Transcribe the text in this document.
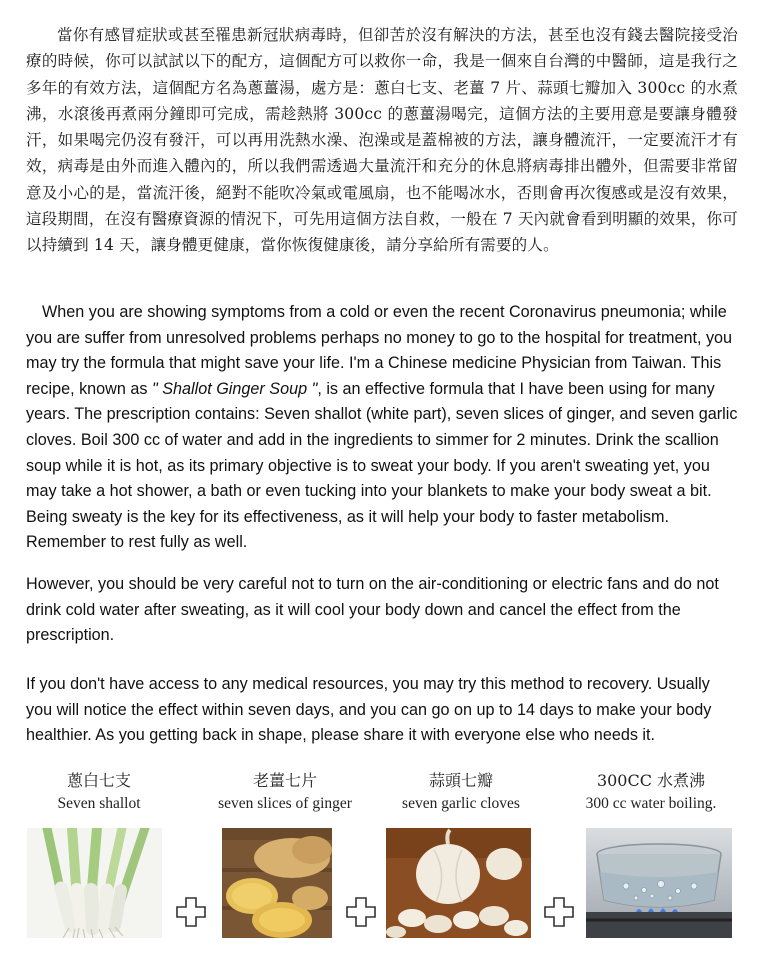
當你有感冒症狀或甚至罹患新冠狀病毒時，但卻苦於沒有解決的方法，甚至也沒有錢去醫院接受治療的時候，你可以試試以下的配方，這個配方可以救你一命，我是一個來自台灣的中醫師，這是我行之多年的有效方法，這個配方名為蔥薑湯，處方是：蔥白七支、老薑 7 片、蒜頭七瓣加入 300cc 的水煮沸，水滾後再煮兩分鐘即可完成，需趁熱將 300cc 的蔥薑湯喝完，這個方法的主要用意是要讓身體發汗，如果喝完仍沒有發汗，可以再用洗熱水澡、泡澡或是蓋棉被的方法，讓身體流汗，一定要流汗才有效，病毒是由外而進入體內的，所以我們需透過大量流汗和充分的休息將病毒排出體外，但需要非常留意及小心的是，當流汗後，絕對不能吹冷氣或電風扇，也不能喝冰水，否則會再次復感或是沒有效果，這段期間，在沒有醫療資源的情況下，可先用這個方法自救，一般在 7 天內就會看到明顯的效果，你可以持續到 14 天，讓身體更健康，當你恢復健康後，請分享給所有需要的人。

When you are showing symptoms from a cold or even the recent Coronavirus pneumonia; while you are suffer from unresolved problems perhaps no money to go to the hospital for treatment, you may try the formula that might save your life. I'm a Chinese medicine Physician from Taiwan. This recipe, known as " Shallot Ginger Soup ", is an effective formula that I have been using for many years. The prescription contains: Seven shallot (white part), seven slices of ginger, and seven garlic cloves. Boil 300 cc of water and add in the ingredients to simmer for 2 minutes. Drink the scallion soup while it is hot, as its primary objective is to sweat your body. If you aren't sweating yet, you may take a hot shower, a bath or even tucking into your blankets to make your body sweat a bit. Being sweaty is the key for its effectiveness, as it will help your body to faster metabolism. Remember to rest fully as well.

However, you should be very careful not to turn on the air-conditioning or electric fans and do not drink cold water after sweating, as it will cool your body down and cancel the effect from the prescription.

If you don't have access to any medical resources, you may try this method to recovery. Usually you will notice the effect within seven days, and you can go on up to 14 days to make your body healthier. As you getting back in shape, please share it with everyone else who needs it.

蔥白七支
Seven shallot
老薑七片
seven slices of ginger
蒜頭七瓣
seven garlic cloves
300CC 水煮沸
300 cc water boiling.
